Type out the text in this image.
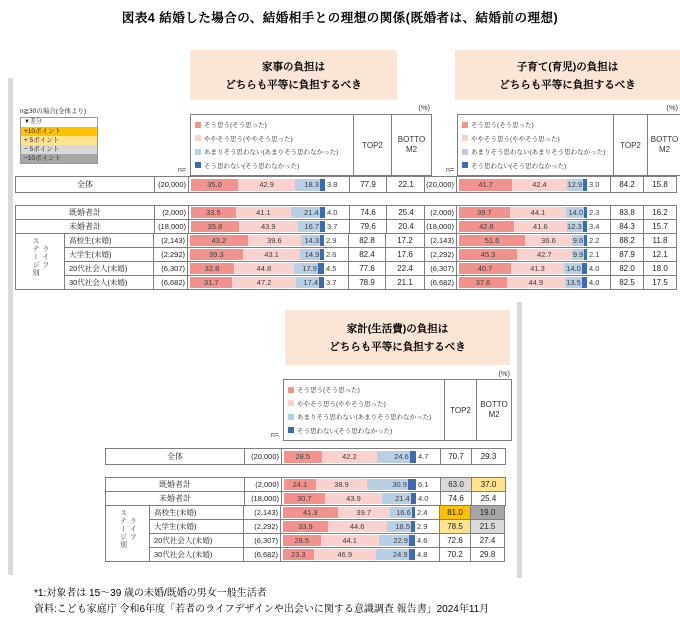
図表4 結婚した場合の、結婚相手との理想の関係(既婚者は、結婚前の理想)
n≧30の場合(全体より)
▼差分
+10ポイント
+ 5ポイント
− 5ポイント
−10ポイント
家事の負担は
どちらも平等に負担するべき
(%)
そう思う(そう思った)
ややそう思う(ややそう思った)
あまりそう思わない(あまりそう思わなかった)
そう思わない(そう思わなかった)
TOP2
BOTTOM2
n=
全体	(20,000)	35.0	42.9	18.3 3.8	77.9	22.1
既婚者計	(2,000)	33.5	41.1	21.4 4.0	74.6	25.4
未婚者計	(18,000)	35.8	43.9	16.7 3.7	79.6	20.4
ステージ別 ライフ
高校生(未婚)	(2,143)	43.2	39.6	14.3 2.9	82.8	17.2
大学生(未婚)	(2,292)	39.3	43.1	14.9 2.6	82.4	17.6
20代社会人(未婚)	(6,307)	32.8	44.8	17.9 4.5	77.6	22.4
30代社会人(未婚)	(6,682)	31.7	47.2	17.4 3.7	78.9	21.1
子育て(育児)の負担は
どちらも平等に負担するべき
(%)
そう思う(そう思った)
ややそう思う(ややそう思った)
あまりそう思わない(あまりそう思わなかった)
そう思わない(そう思わなかった)
TOP2
BOTTOM2
n=
(20,000)	41.7	42.4	12.9 3.0	84.2	15.8
(2,000)	39.7	44.1	14.0 2.3	83.8	16.2
(18,000)	42.8	41.6	12.3 3.4	84.3	15.7
(2,143)	51.6	36.6	9.6 2.2	88.2	11.8
(2,292)	45.3	42.7	9.9 2.1	87.9	12.1
(6,307)	40.7	41.3	14.0 4.0	82.0	18.0
(6,682)	37.6	44.9	13.5 4.0	82.5	17.5
家計(生活費)の負担は
どちらも平等に負担するべき
(%)
そう思う(そう思った)
ややそう思う(ややそう思った)
あまりそう思わない(あまりそう思わなかった)
そう思わない(そう思わなかった)
TOP2
BOTTOM2
n=
全体	(20,000)	28.5	42.2	24.6 4.7	70.7	29.3
既婚者計	(2,000)	24.1	38.9	30.9 6.1	63.0	37.0
未婚者計	(18,000)	30.7	43.9	21.4 4.0	74.6	25.4
ステージ別 ライフ
高校生(未婚)	(2,143)	41.3	39.7	16.6 2.4	81.0	19.0
大学生(未婚)	(2,292)	33.9	44.6	18.5 2.9	78.5	21.5
20代社会人(未婚)	(6,307)	28.5	44.1	22.9 4.6	72.6	27.4
30代社会人(未婚)	(6,682)	23.3	46.9	24.9 4.8	70.2	29.8
*1:対象者は 15〜39 歳の未婚/既婚の男女一般生活者
資料:こども家庭庁 令和6年度「若者のライフデザインや出会いに関する意識調査 報告書」2024年11月
